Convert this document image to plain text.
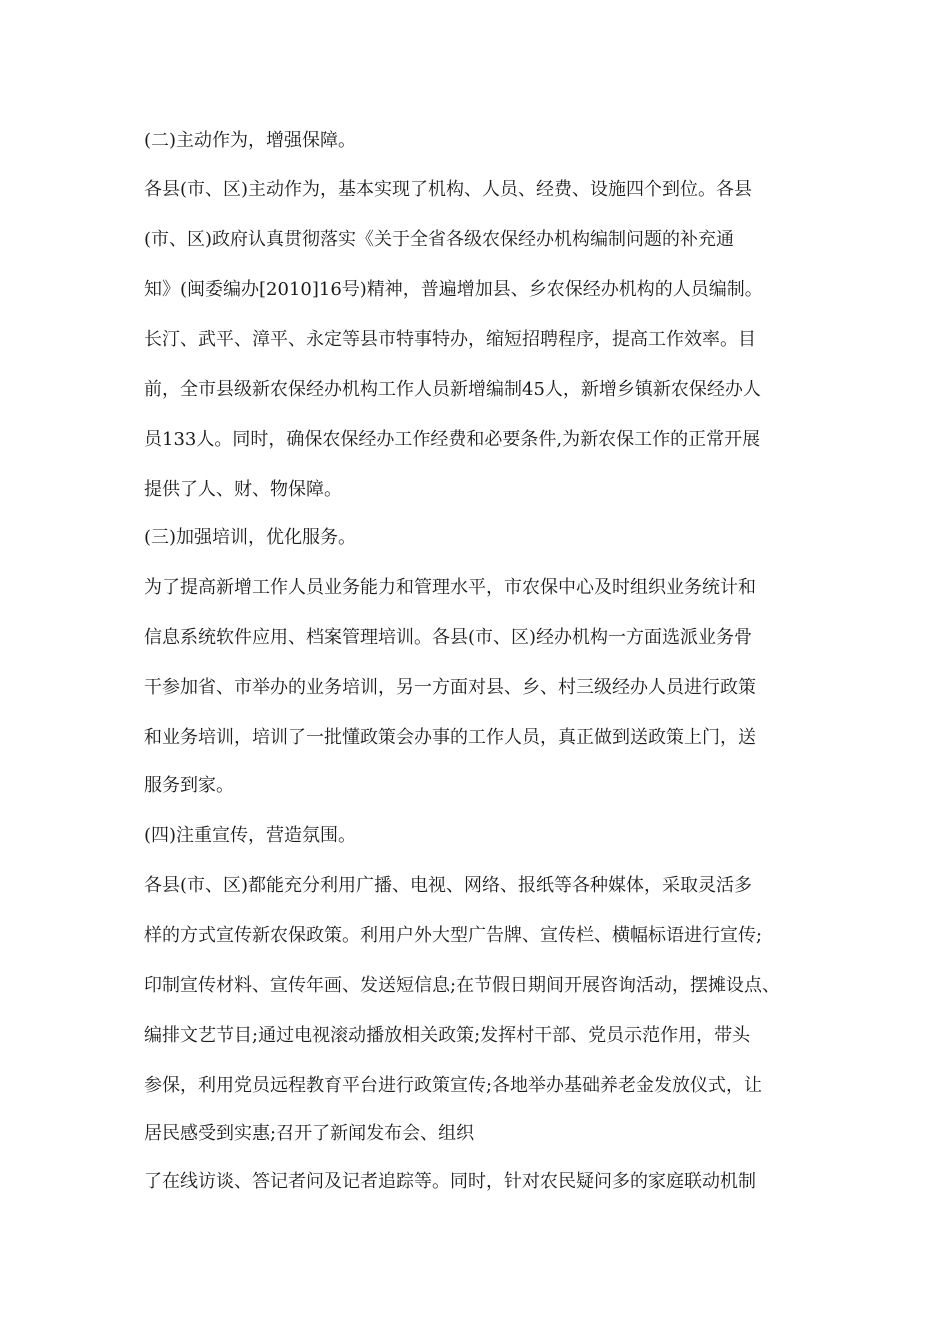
(二)主动作为，增强保障。

各县(市、区)主动作为，基本实现了机构、人员、经费、设施四个到位。各县

(市、区)政府认真贯彻落实《关于全省各级农保经办机构编制问题的补充通

知》(闽委编办[2010]16号)精神，普遍增加县、乡农保经办机构的人员编制。

长汀、武平、漳平、永定等县市特事特办，缩短招聘程序，提高工作效率。目

前，全市县级新农保经办机构工作人员新增编制45人，新增乡镇新农保经办人

员133人。同时，确保农保经办工作经费和必要条件,为新农保工作的正常开展

提供了人、财、物保障。

(三)加强培训，优化服务。

为了提高新增工作人员业务能力和管理水平，市农保中心及时组织业务统计和

信息系统软件应用、档案管理培训。各县(市、区)经办机构一方面选派业务骨

干参加省、市举办的业务培训，另一方面对县、乡、村三级经办人员进行政策

和业务培训，培训了一批懂政策会办事的工作人员，真正做到送政策上门，送

服务到家。

(四)注重宣传，营造氛围。

各县(市、区)都能充分利用广播、电视、网络、报纸等各种媒体，采取灵活多

样的方式宣传新农保政策。利用户外大型广告牌、宣传栏、横幅标语进行宣传;

印制宣传材料、宣传年画、发送短信息;在节假日期间开展咨询活动，摆摊设点、

编排文艺节目;通过电视滚动播放相关政策;发挥村干部、党员示范作用，带头

参保，利用党员远程教育平台进行政策宣传;各地举办基础养老金发放仪式，让

居民感受到实惠;召开了新闻发布会、组织

了在线访谈、答记者问及记者追踪等。同时，针对农民疑问多的家庭联动机制
